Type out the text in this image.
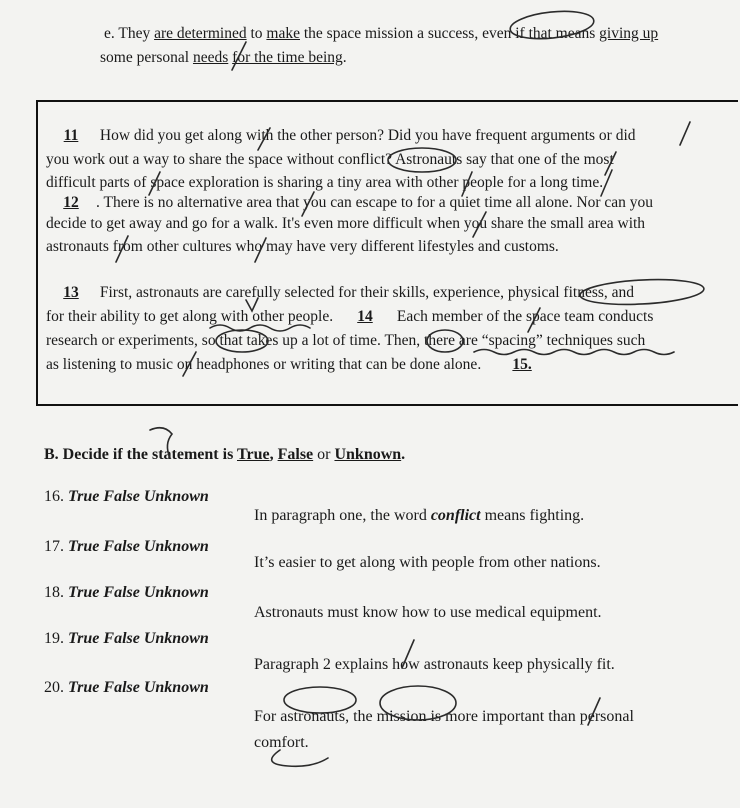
e. They are determined to make the space mission a success, even if that means giving up
some personal needs for the time being.
11 How did you get along with the other person? Did you have frequent arguments or did
you work out a way to share the space without conflict? Astronauts say that one of the most
difficult parts of space exploration is sharing a tiny area with other people for a long time.
12 . There is no alternative area that you can escape to for a quiet time all alone. Nor can you
decide to get away and go for a walk. It's even more difficult when you share the small area with
astronauts from other cultures who may have very different lifestyles and customs.
13 First, astronauts are carefully selected for their skills, experience, physical fitness, and
for their ability to get along with other people. 14 Each member of the space team conducts
research or experiments, so that takes up a lot of time. Then, there are “spacing” techniques such
as listening to music on headphones or writing that can be done alone. 15.
B. Decide if the statement is True, False or Unknown.
16. True False Unknown
In paragraph one, the word conflict means fighting.
17. True False Unknown
It’s easier to get along with people from other nations.
18. True False Unknown
Astronauts must know how to use medical equipment.
19. True False Unknown
Paragraph 2 explains how astronauts keep physically fit.
20. True False Unknown
For astronauts, the mission is more important than personal
comfort.
